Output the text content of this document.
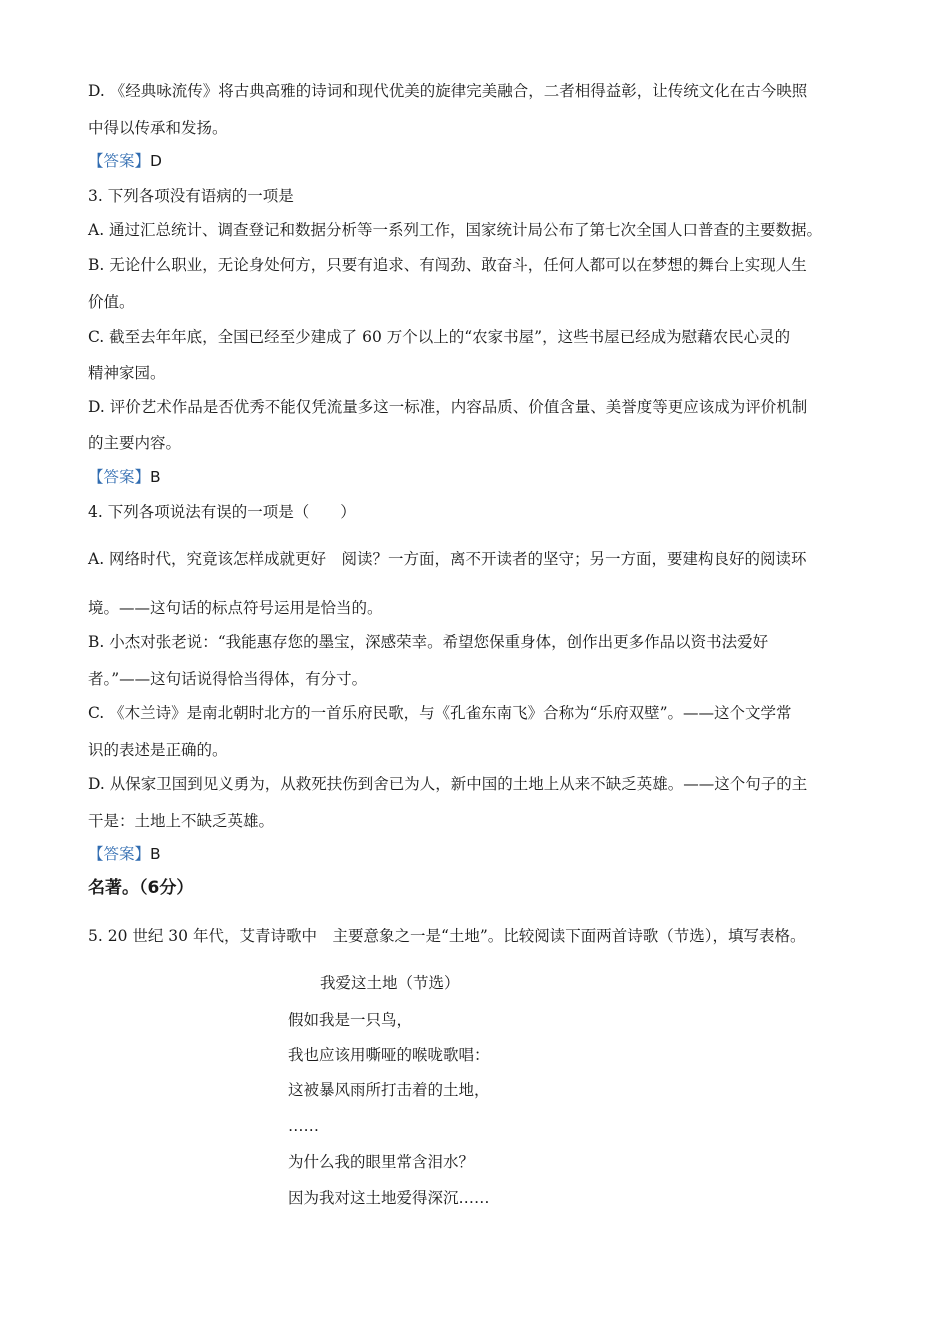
D. 《经典咏流传》将古典高雅的诗词和现代优美的旋律完美融合，二者相得益彰，让传统文化在古今映照
中得以传承和发扬。
【答案】D
3. 下列各项没有语病的一项是
A. 通过汇总统计、调查登记和数据分析等一系列工作，国家统计局公布了第七次全国人口普查的主要数据。
B. 无论什么职业，无论身处何方，只要有追求、有闯劲、敢奋斗，任何人都可以在梦想的舞台上实现人生
价值。
C. 截至去年年底，全国已经至少建成了 60 万个以上的“农家书屋”，这些书屋已经成为慰藉农民心灵的
精神家园。
D. 评价艺术作品是否优秀不能仅凭流量多这一标准，内容品质、价值含量、美誉度等更应该成为评价机制
的主要内容。
【答案】B
4. 下列各项说法有误的一项是（　　）
A. 网络时代，究竟该怎样成就更好　阅读？一方面，离不开读者的坚守；另一方面，要建构良好的阅读环
境。——这句话的标点符号运用是恰当的。
B. 小杰对张老说：“我能惠存您的墨宝，深感荣幸。希望您保重身体，创作出更多作品以资书法爱好
者。”——这句话说得恰当得体，有分寸。
C. 《木兰诗》是南北朝时北方的一首乐府民歌，与《孔雀东南飞》合称为“乐府双壁”。——这个文学常
识的表述是正确的。
D. 从保家卫国到见义勇为，从救死扶伤到舍已为人，新中国的土地上从来不缺乏英雄。——这个句子的主
干是：土地上不缺乏英雄。
【答案】B
名著。（6分）
5. 20 世纪 30 年代，艾青诗歌中　主要意象之一是“土地”。比较阅读下面两首诗歌（节选），填写表格。
我爱这土地（节选）
假如我是一只鸟，
我也应该用嘶哑的喉咙歌唱：
这被暴风雨所打击着的土地，
……
为什么我的眼里常含泪水？
因为我对这土地爱得深沉……
